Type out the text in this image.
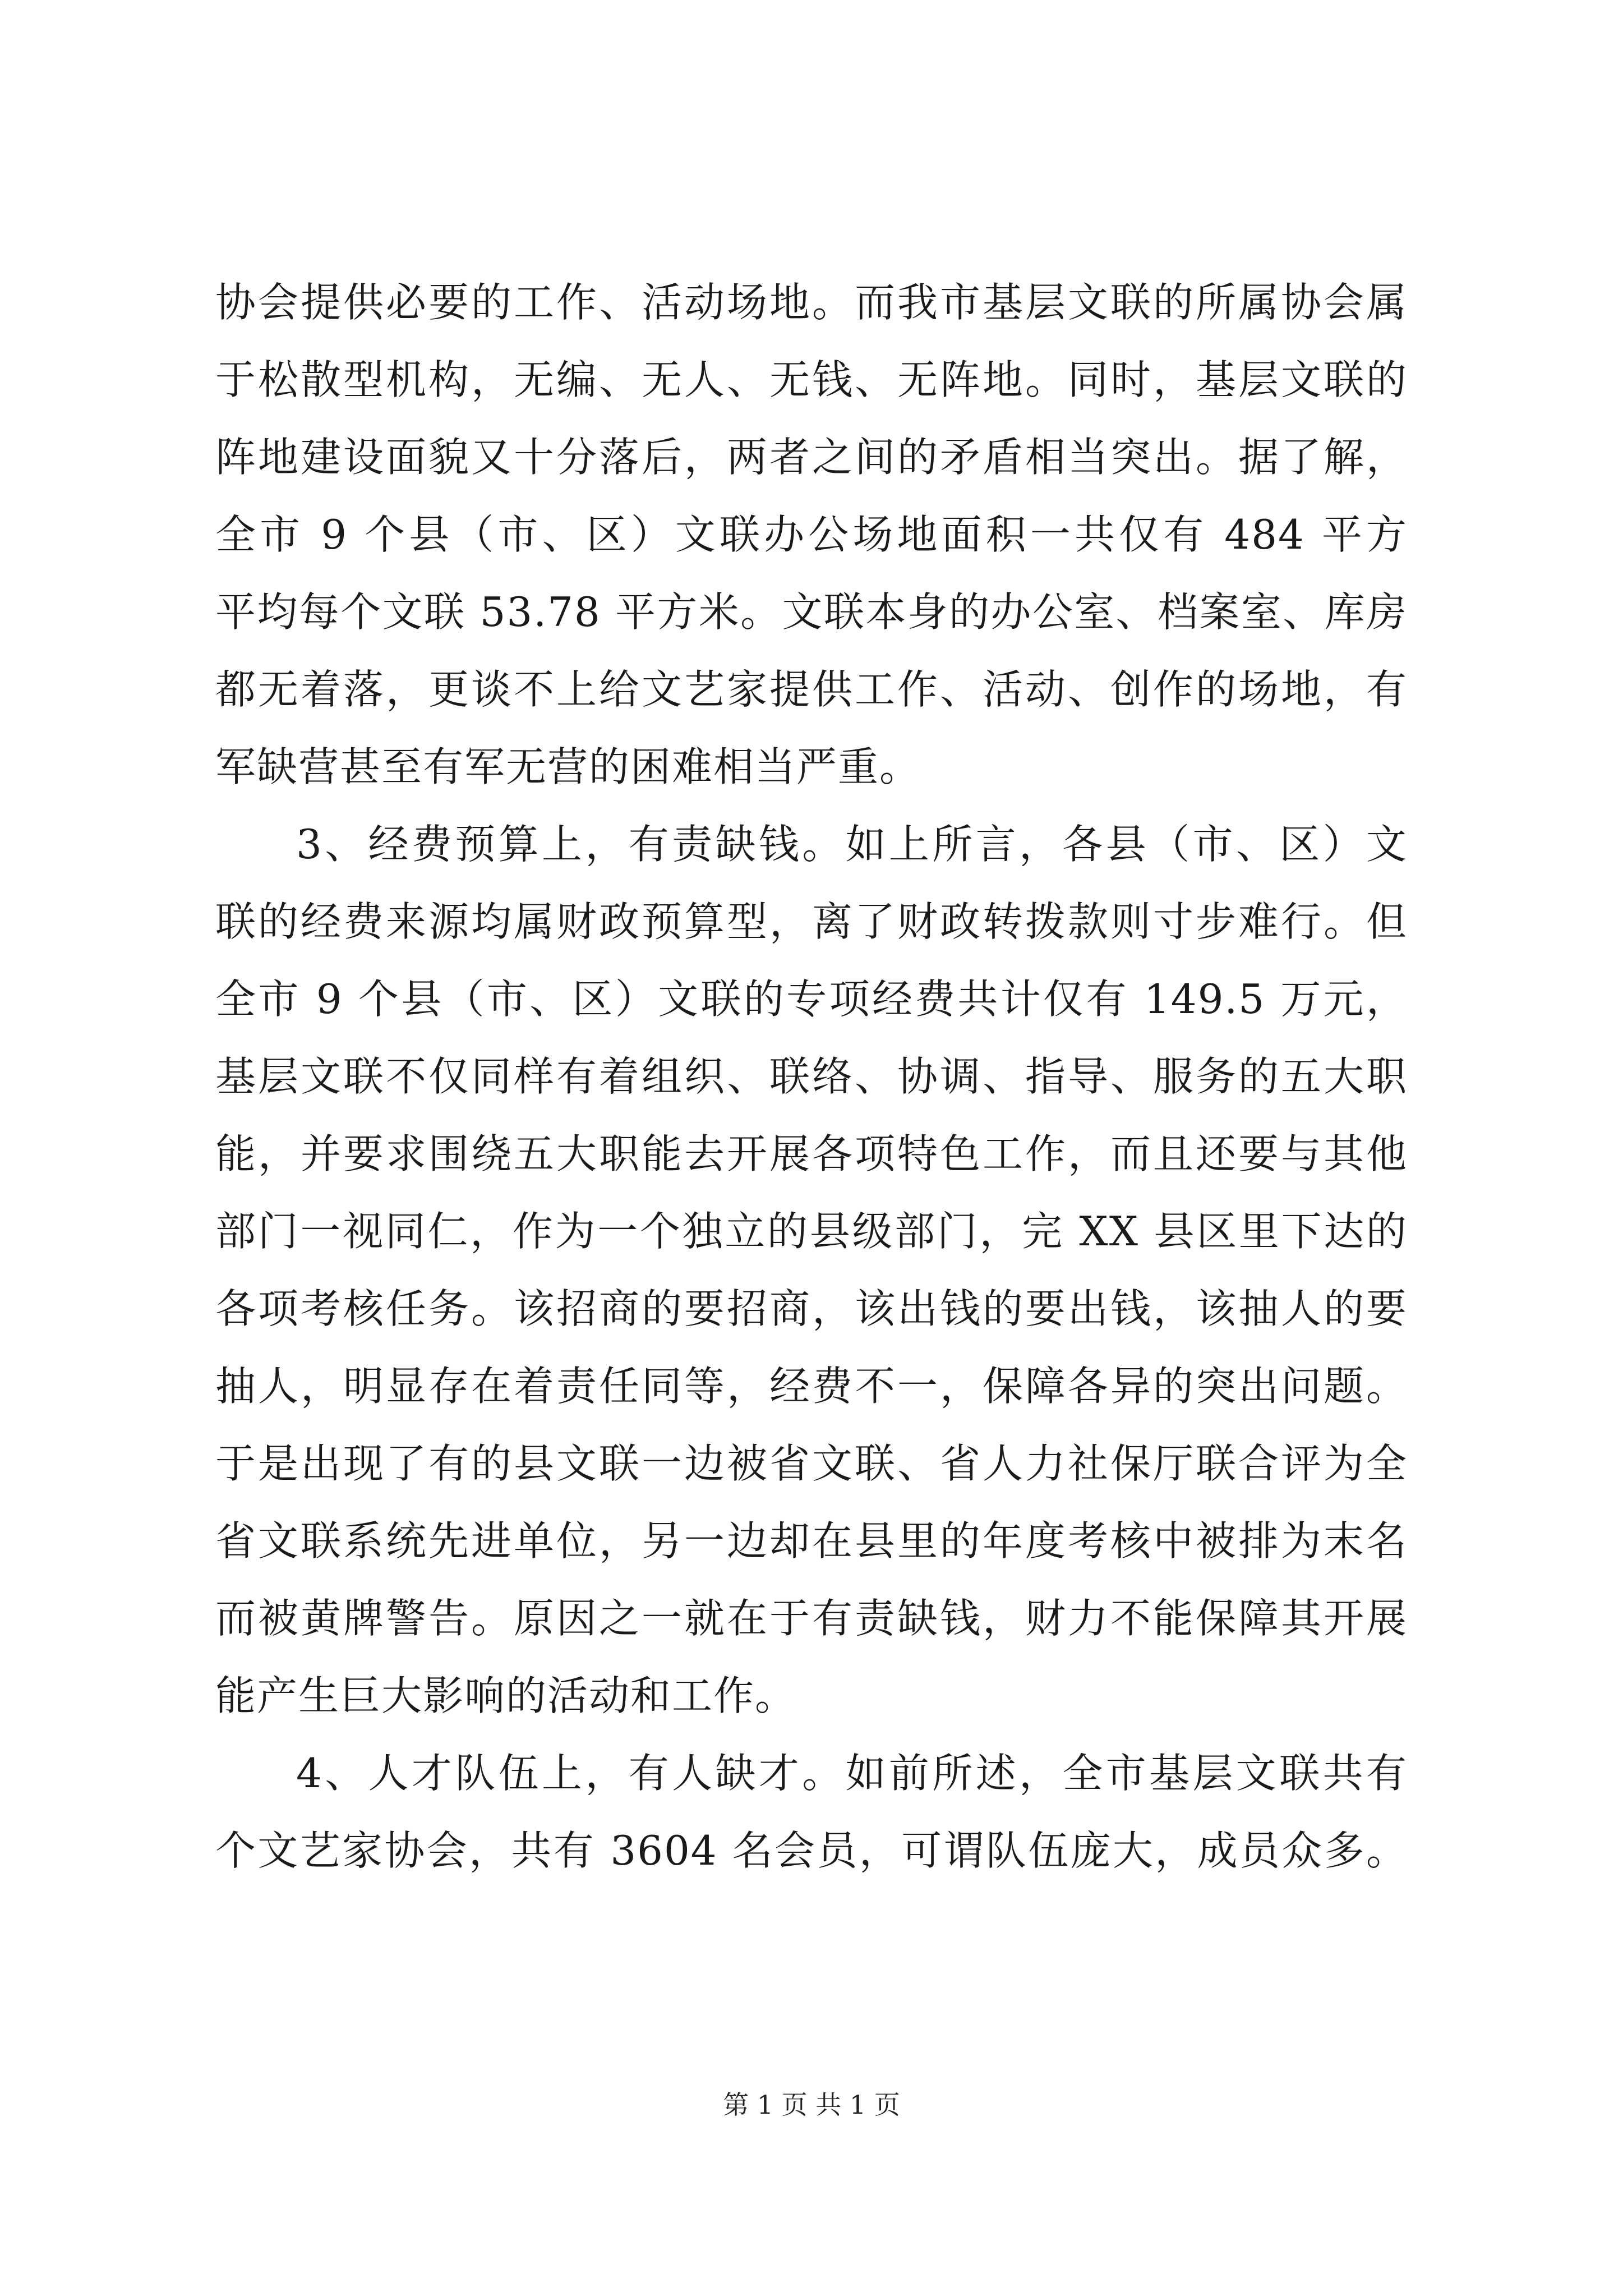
协会提供必要的工作、活动场地。而我市基层文联的所属协会属
于松散型机构，无编、无人、无钱、无阵地。同时，基层文联的
阵地建设面貌又十分落后，两者之间的矛盾相当突出。据了解，
全市 9 个县（市、区）文联办公场地面积一共仅有 484 平方
平均每个文联 53.78 平方米。文联本身的办公室、档案室、库房
都无着落，更谈不上给文艺家提供工作、活动、创作的场地，有
军缺营甚至有军无营的困难相当严重。
3、经费预算上，有责缺钱。如上所言，各县（市、区）文
联的经费来源均属财政预算型，离了财政转拨款则寸步难行。但
全市 9 个县（市、区）文联的专项经费共计仅有 149.5 万元，
基层文联不仅同样有着组织、联络、协调、指导、服务的五大职
能，并要求围绕五大职能去开展各项特色工作，而且还要与其他
部门一视同仁，作为一个独立的县级部门，完 XX 县区里下达的
各项考核任务。该招商的要招商，该出钱的要出钱，该抽人的要
抽人，明显存在着责任同等，经费不一，保障各异的突出问题。
于是出现了有的县文联一边被省文联、省人力社保厅联合评为全
省文联系统先进单位，另一边却在县里的年度考核中被排为末名
而被黄牌警告。原因之一就在于有责缺钱，财力不能保障其开展
能产生巨大影响的活动和工作。
4、人才队伍上，有人缺才。如前所述，全市基层文联共有
个文艺家协会，共有 3604 名会员，可谓队伍庞大，成员众多。
第 1 页 共 1 页
